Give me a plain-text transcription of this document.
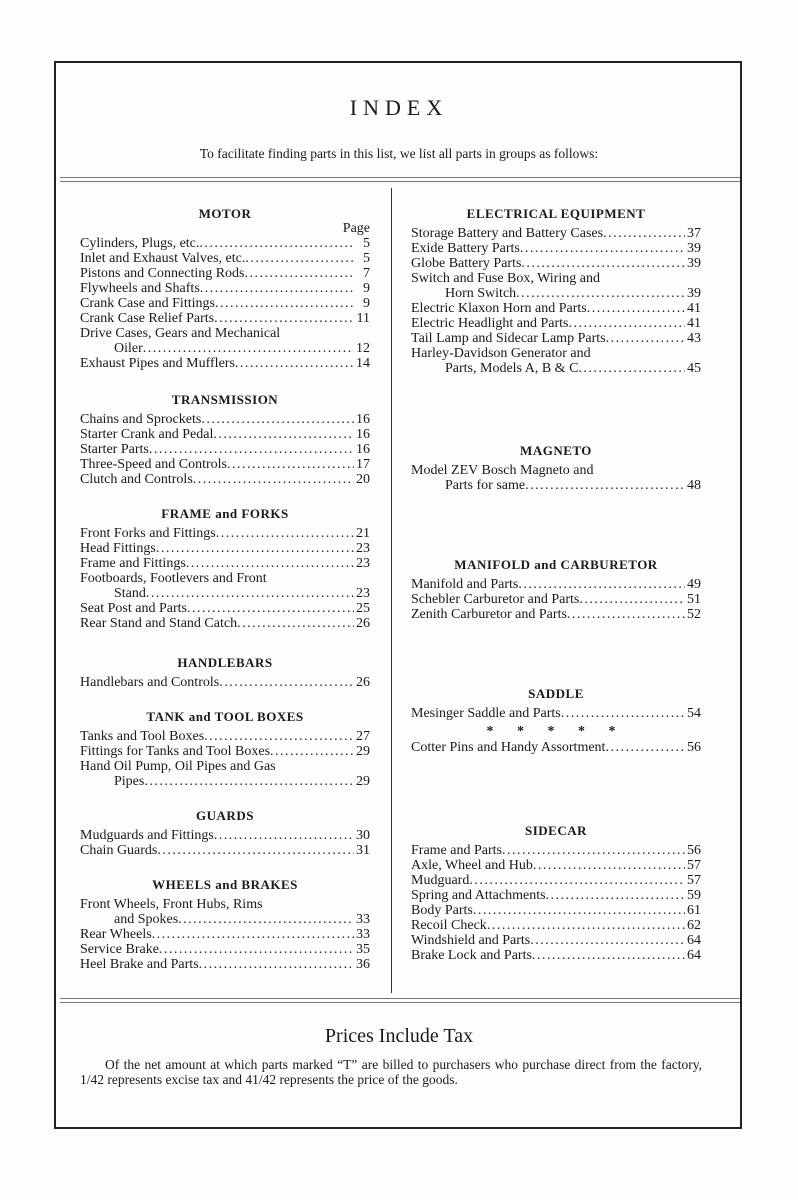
INDEX
To facilitate finding parts in this list, we list all parts in groups as follows:
MOTOR
Page
Cylinders, Plugs, etc. . . .	5
Inlet and Exhaust Valves, etc. . . .	5
Pistons and Connecting Rods . . .	7
Flywheels and Shafts . . .	9
Crank Case and Fittings . . .	9
Crank Case Relief Parts . . .	11
Drive Cases, Gears and Mechanical
Oiler . . .	12
Exhaust Pipes and Mufflers . . .	14
TRANSMISSION
Chains and Sprockets . . .	16
Starter Crank and Pedal . . .	16
Starter Parts . . .	16
Three-Speed and Controls . . .	17
Clutch and Controls . . .	20
FRAME and FORKS
Front Forks and Fittings . . .	21
Head Fittings . . .	23
Frame and Fittings . . .	23
Footboards, Footlevers and Front
Stand . . .	23
Seat Post and Parts . . .	25
Rear Stand and Stand Catch . . .	26
HANDLEBARS
Handlebars and Controls . . .	26
TANK and TOOL BOXES
Tanks and Tool Boxes . . .	27
Fittings for Tanks and Tool Boxes . . .	29
Hand Oil Pump, Oil Pipes and Gas
Pipes . . .	29
GUARDS
Mudguards and Fittings . . .	30
Chain Guards . . .	31
WHEELS and BRAKES
Front Wheels, Front Hubs, Rims
and Spokes . . .	33
Rear Wheels . . .	33
Service Brake . . .	35
Heel Brake and Parts . . .	36
ELECTRICAL EQUIPMENT
Storage Battery and Battery Cases . . .	37
Exide Battery Parts . . .	39
Globe Battery Parts . . .	39
Switch and Fuse Box, Wiring and
Horn Switch . . .	39
Electric Klaxon Horn and Parts . . .	41
Electric Headlight and Parts . . .	41
Tail Lamp and Sidecar Lamp Parts . . .	43
Harley-Davidson Generator and
Parts, Models A, B & C . . .	45
MAGNETO
Model ZEV Bosch Magneto and
Parts for same . . .	48
MANIFOLD and CARBURETOR
Manifold and Parts . . .	49
Schebler Carburetor and Parts . . .	51
Zenith Carburetor and Parts . . .	52
SADDLE
Mesinger Saddle and Parts . . .	54
* * * * *
Cotter Pins and Handy Assortment . . .	56
SIDECAR
Frame and Parts . . .	56
Axle, Wheel and Hub . . .	57
Mudguard . . .	57
Spring and Attachments . . .	59
Body Parts . . .	61
Recoil Check . . .	62
Windshield and Parts . . .	64
Brake Lock and Parts . . .	64
Prices Include Tax
Of the net amount at which parts marked “T” are billed to purchasers who purchase direct from the factory, 1/42 represents excise tax and 41/42 represents the price of the goods.
